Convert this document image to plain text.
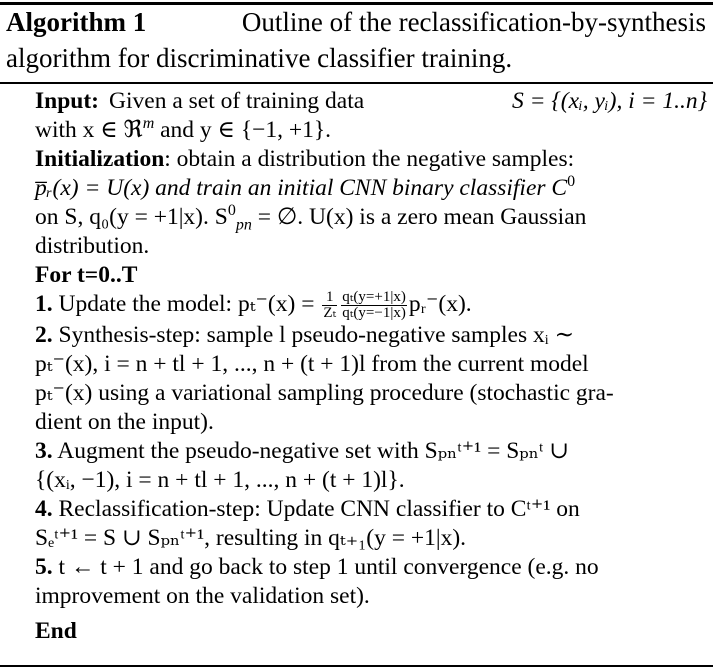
Algorithm 1	Outline of the reclassification-by-synthesis
algorithm for discriminative classifier training.
Input: Given a set of training data	S = {(xᵢ, yᵢ), i = 1..n}
with x ∈ ℜ$^m$ and y ∈ {−1, +1}.
Initialization: obtain a distribution the negative samples:
p̅ᵣ(x) = U(x) and train an initial CNN binary classifier $C^0$
on S, q₀(y = +1|x). $S^0_{pn}$ = ∅. U(x) is a zero mean Gaussian
distribution.
For t=0..T
1. Update the model: $p_t^-(x) = \frac{1}{\text{Zₜ}} \frac{\text{qₜ(y=+1|x)}}{\text{qₜ(y=−1|x)}}$ pᵣ⁻(x).
2. Synthesis-step: sample l pseudo-negative samples xᵢ ∼
pₜ⁻(x), i = n + tl + 1, ..., n + (t + 1)l from the current model
pₜ⁻(x) using a variational sampling procedure (stochastic gra-
dient on the input).
3. Augment the pseudo-negative set with Sₚₙᵗ⁺¹ = Sₚₙᵗ ∪
{(xᵢ, −1), i = n + tl + 1, ..., n + (t + 1)l}.
4. Reclassification-step: Update CNN classifier to Cᵗ⁺¹ on
Sₑᵗ⁺¹ = S ∪ Sₚₙᵗ⁺¹, resulting in qₜ₊₁(y = +1|x).
5. t ← t + 1 and go back to step 1 until convergence (e.g. no
improvement on the validation set).
End
